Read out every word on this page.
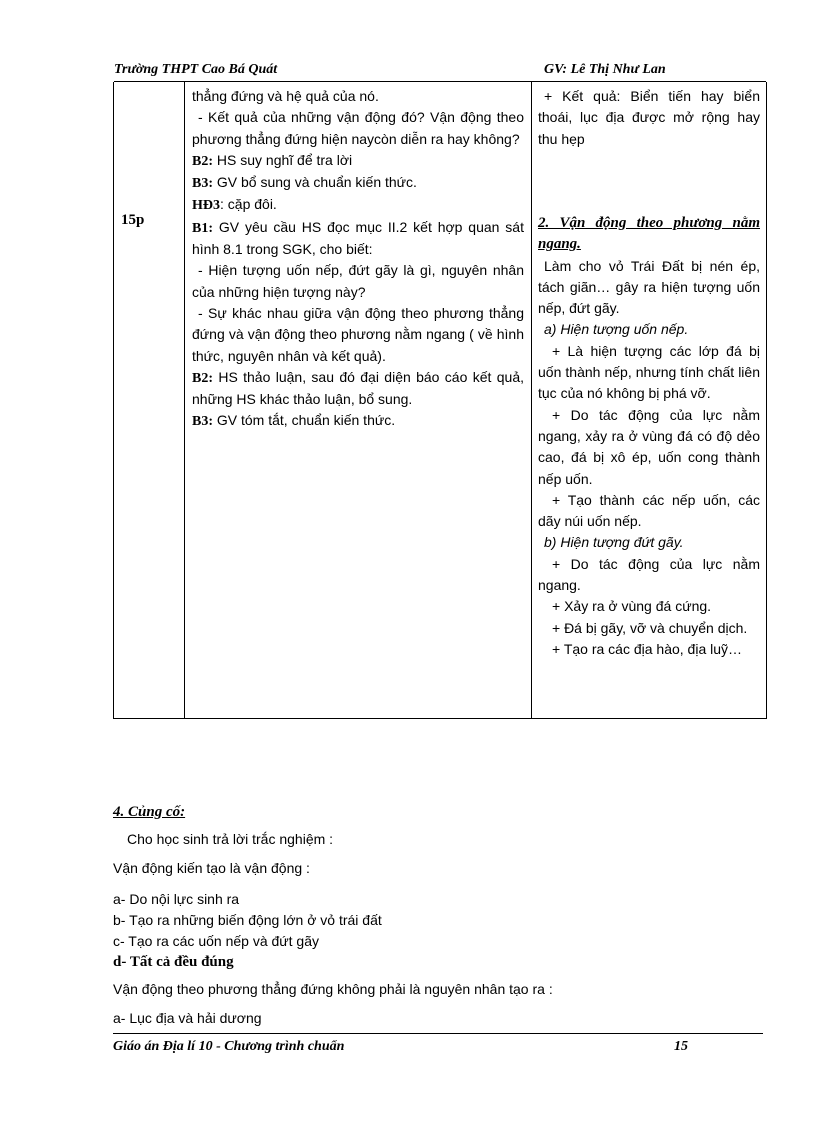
Trường THPT Cao Bá Quát	GV: Lê Thị Như Lan
15p

thẳng đứng và hệ quả của nó.

- Kết quả của những vận động đó? Vận động theo phương thẳng đứng hiện naycòn diễn ra hay không?

B2: HS suy nghĩ để tra lời

B3: GV bổ sung và chuẩn kiến thức.

HĐ3: cặp đôi.

B1: GV yêu cầu HS đọc mục II.2 kết hợp quan sát hình 8.1 trong SGK, cho biết:

- Hiện tượng uốn nếp, đứt gãy là gì, nguyên nhân của những hiện tượng này?

- Sự khác nhau giữa vận động theo phương thẳng đứng và vận động theo phương nằm ngang ( về hình thức, nguyên nhân và kết quả).

B2: HS thảo luận, sau đó đại diện báo cáo kết quả, những HS khác thảo luận, bổ sung.

B3: GV tóm tắt, chuẩn kiến thức.

+ Kết quả: Biển tiến hay biển thoái, lục địa được mở rộng hay thu hẹp

2. Vận động theo phương nằm ngang.

Làm cho vỏ Trái Đất bị nén ép, tách giãn… gây ra hiện tượng uốn nếp, đứt gãy.

a) Hiện tượng uốn nếp.

+ Là hiện tượng các lớp đá bị uốn thành nếp, nhưng tính chất liên tục của nó không bị phá vỡ.

+ Do tác động của lực nằm ngang, xảy ra ở vùng đá có độ dẻo cao, đá bị xô ép, uốn cong thành nếp uốn.

+ Tạo thành các nếp uốn, các dãy núi uốn nếp.

b) Hiện tượng đứt gãy.

+ Do tác động của lực nằm ngang.

+ Xảy ra ở vùng đá cứng.

+ Đá bị gãy, vỡ và chuyển dịch.

+ Tạo ra các địa hào, địa luỹ…

4. Củng cố:
Cho học sinh trả lời trắc nghiệm :
Vận động kiến tạo là vận động :
a- Do nội lực sinh ra
b- Tạo ra những biến động lớn ở vỏ trái đất
c- Tạo ra các uốn nếp và đứt gãy
d- Tất cả đều đúng
Vận động theo phương thẳng đứng không phải là nguyên nhân tạo ra :
a- Lục địa và hải dương
Giáo án Địa lí 10 - Chương trình chuẩn	15
